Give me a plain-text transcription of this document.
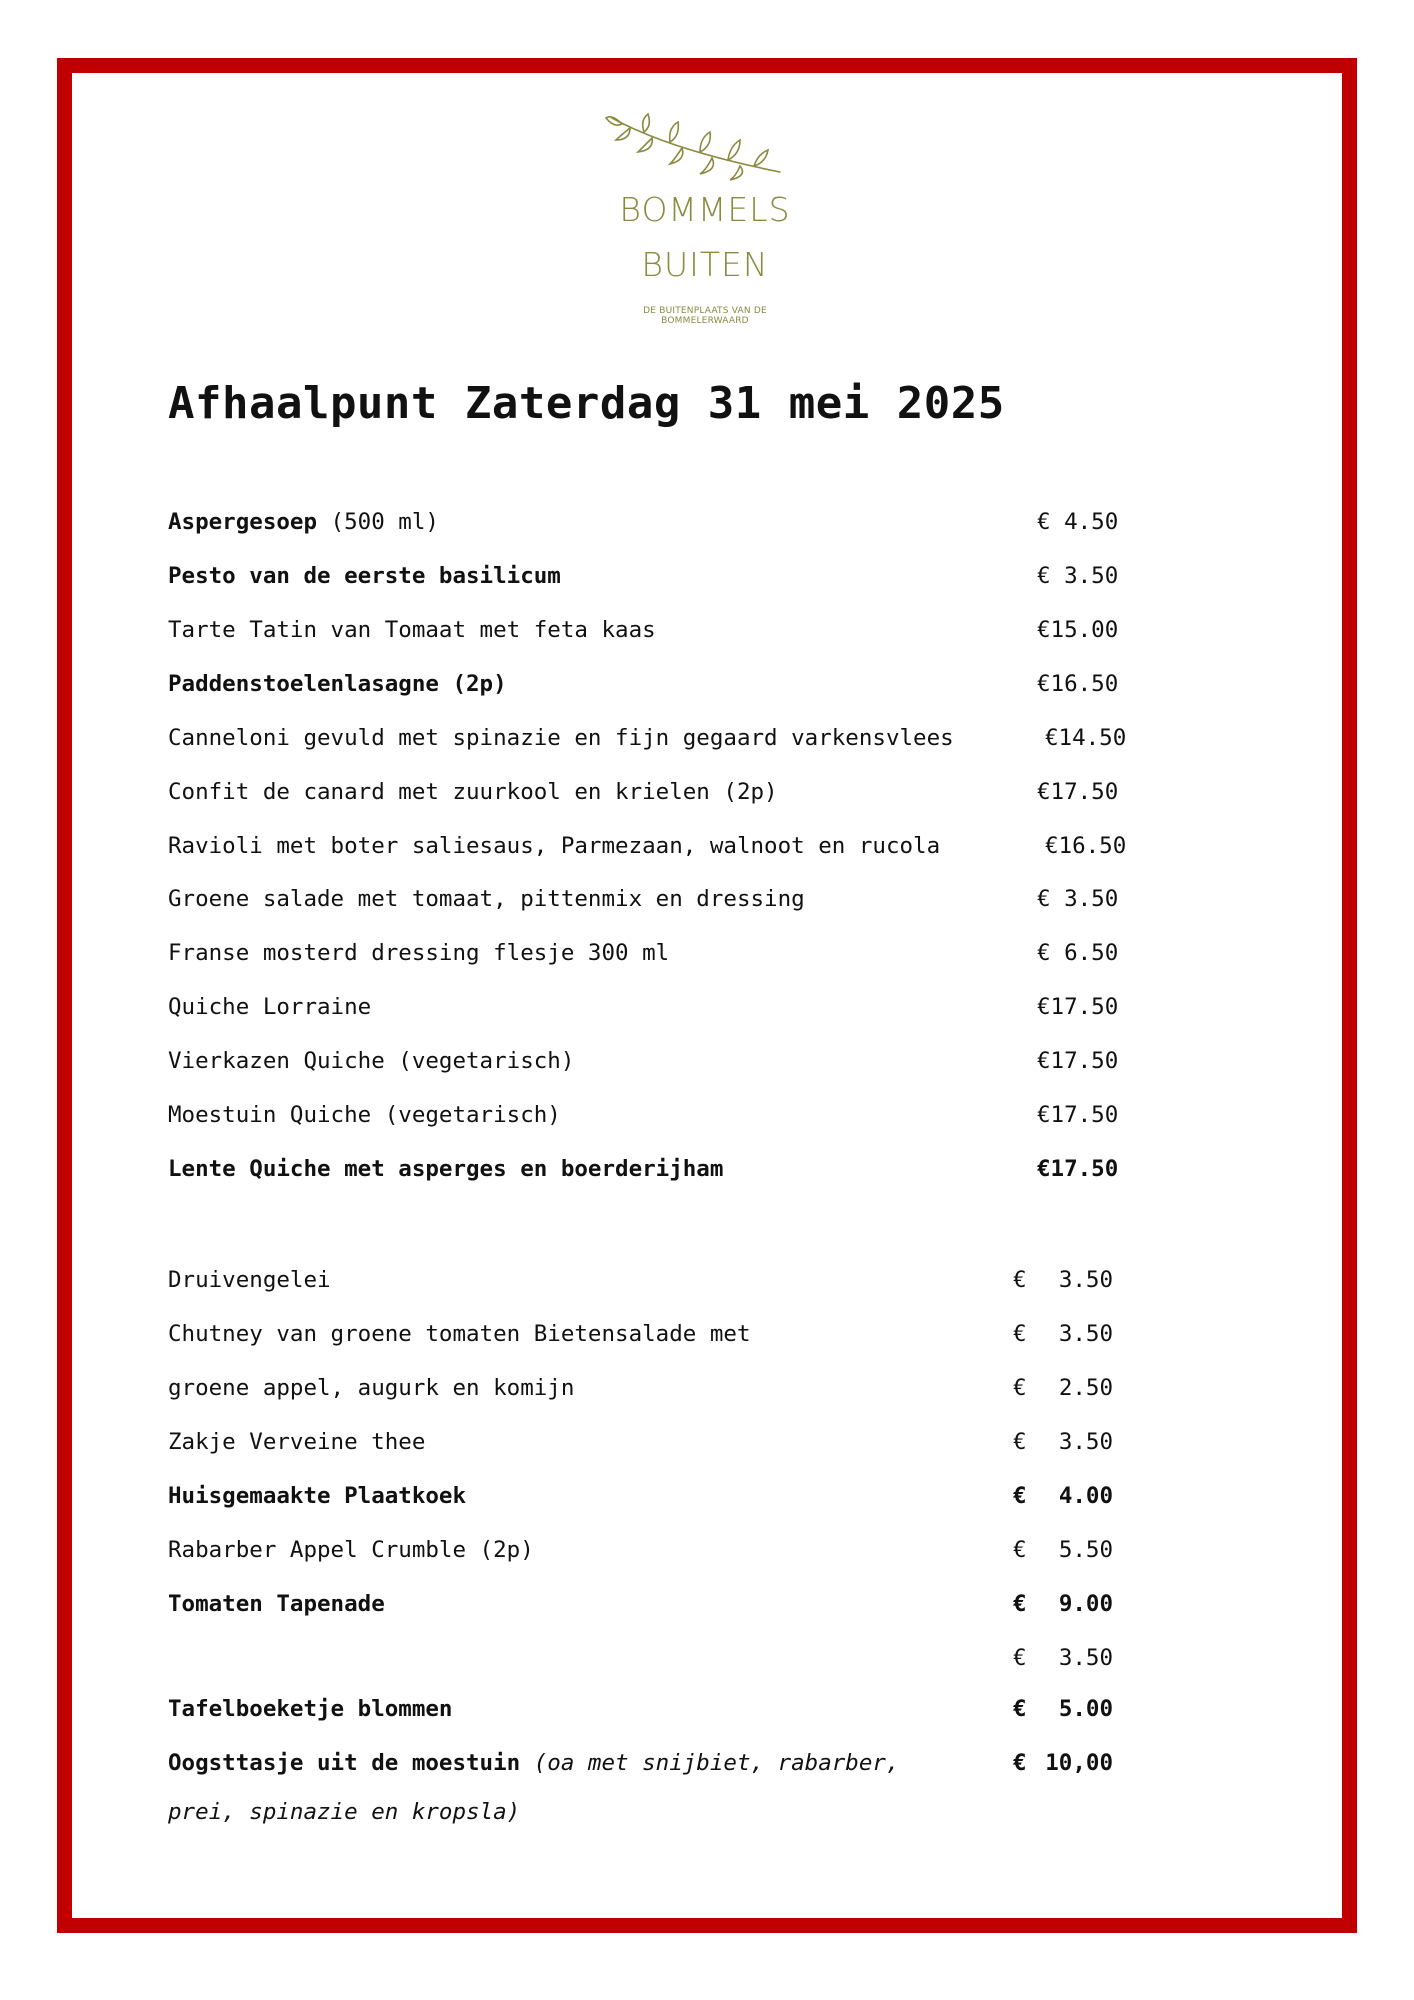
BOMMELS
BUITEN
DE BUITENPLAATS VAN DE BOMMELERWAARD
Afhaalpunt Zaterdag 31 mei 2025
Aspergesoep (500 ml)	€ 4.50
Pesto van de eerste basilicum	€ 3.50
Tarte Tatin van Tomaat met feta kaas	€15.00
Paddenstoelenlasagne (2p)	€16.50
Canneloni gevuld met spinazie en fijn gegaard varkensvlees	€14.50
Confit de canard met zuurkool en krielen (2p)	€17.50
Ravioli met boter saliesaus, Parmezaan, walnoot en rucola	€16.50
Groene salade met tomaat, pittenmix en dressing	€ 3.50
Franse mosterd dressing flesje 300 ml	€ 6.50
Quiche Lorraine	€17.50
Vierkazen Quiche (vegetarisch)	€17.50
Moestuin Quiche (vegetarisch)	€17.50
Lente Quiche met asperges en boerderijham	€17.50
Druivengelei	€	3.50
Chutney van groene tomaten Bietensalade met	€	3.50
groene appel, augurk en komijn	€	2.50
Zakje Verveine thee	€	3.50
Huisgemaakte Plaatkoek	€	4.00
Rabarber Appel Crumble (2p)	€	5.50
Tomaten Tapenade	€	9.00
€	3.50
Tafelboeketje blommen	€	5.00
Oogsttasje uit de moestuin (oa met snijbiet, rabarber,	€ 10,00
prei, spinazie en kropsla)
